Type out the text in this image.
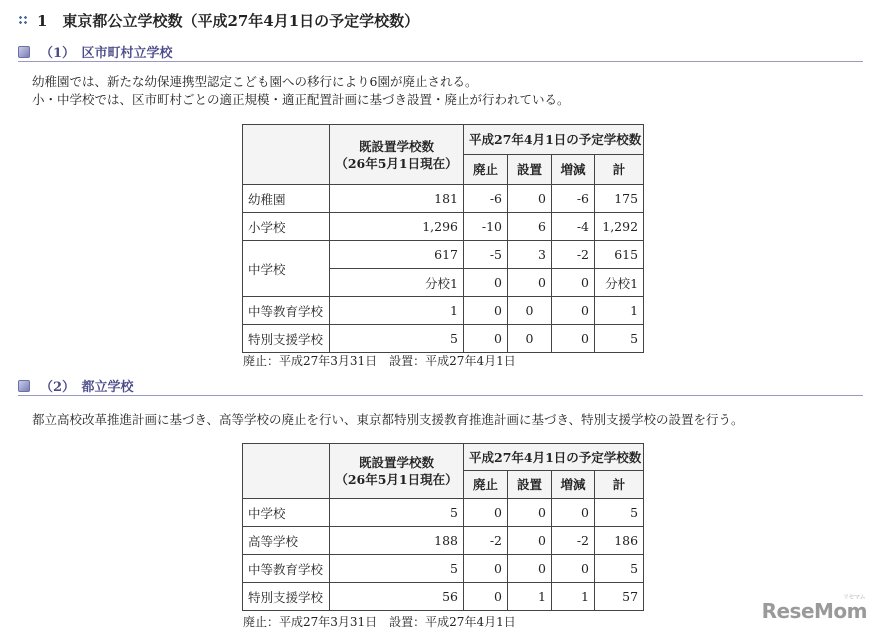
1　東京都公立学校数（平成27年4月1日の予定学校数）
（1）　区市町村立学校
幼稚園では、新たな幼保連携型認定こども園への移行により6園が廃止される。
小・中学校では、区市町村ごとの適正規模・適正配置計画に基づき設置・廃止が行われている。

	既設置学校数
（26年5月1日現在）	平成27年4月1日の予定学校数			
		廃止	設置	増減	計
幼稚園	181	-6	0	-6	175
小学校	1,296	-10	6	-4	1,292
中学校	617	-5	3	-2	615
	分校1	0	0	0	分校1
中等教育学校	1	0	0	0	1
特別支援学校	5	0	0	0	5
廃止：平成27年3月31日　設置：平成27年4月1日
（2）　都立学校
都立高校改革推進計画に基づき、高等学校の廃止を行い、東京都特別支援教育推進計画に基づき、特別支援学校の設置を行う。

	既設置学校数
（26年5月1日現在）	平成27年4月1日の予定学校数			
		廃止	設置	増減	計
中学校	5	0	0	0	5
高等学校	188	-2	0	-2	186
中等教育学校	5	0	0	0	5
特別支援学校	56	0	1	1	57
廃止：平成27年3月31日　設置：平成27年4月1日
リセマム
ReseMom
